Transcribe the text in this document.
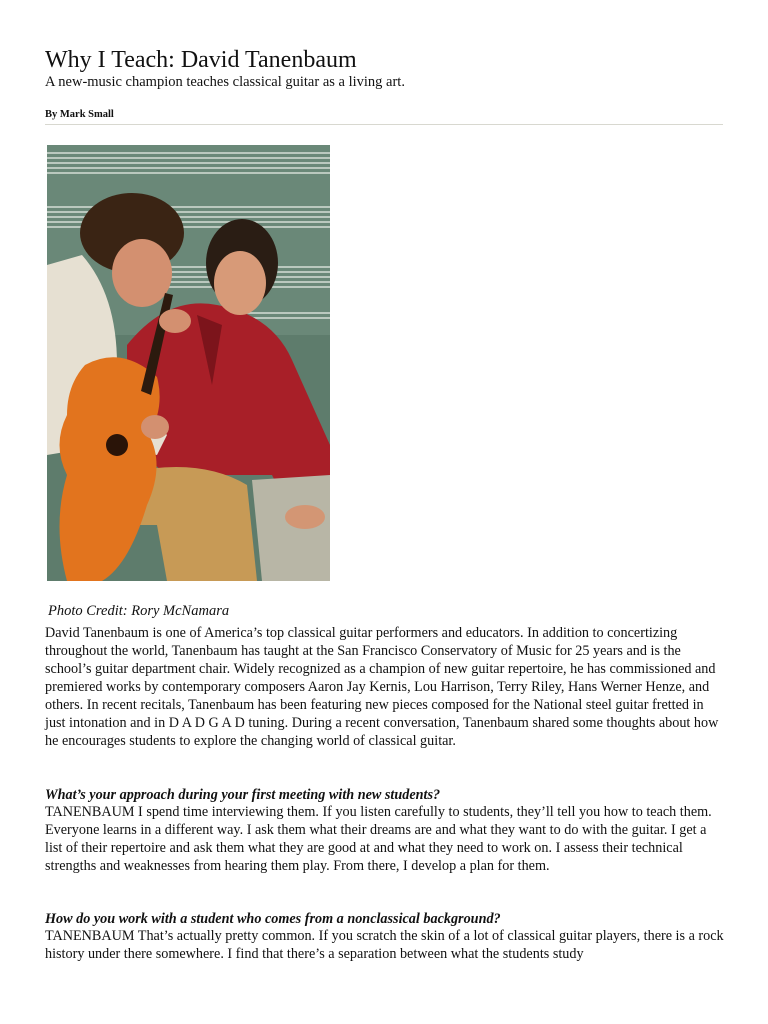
Why I Teach: David Tanenbaum

A new-music champion teaches classical guitar as a living art.

By Mark Small

Photo Credit: Rory McNamara

David Tanenbaum is one of America’s top classical guitar performers and educators. In addition to concertizing throughout the world, Tanenbaum has taught at the San Francisco Conservatory of Music for 25 years and is the school’s guitar department chair. Widely recognized as a champion of new guitar repertoire, he has commissioned and premiered works by contemporary composers Aaron Jay Kernis, Lou Harrison, Terry Riley, Hans Werner Henze, and others. In recent recitals, Tanenbaum has been featuring new pieces composed for the National steel guitar fretted in just intonation and in D A D G A D tuning. During a recent conversation, Tanenbaum shared some thoughts about how he encourages students to explore the changing world of classical guitar.

What’s your approach during your first meeting with new students?

TANENBAUM I spend time interviewing them. If you listen carefully to students, they’ll tell you how to teach them. Everyone learns in a different way. I ask them what their dreams are and what they want to do with the guitar. I get a list of their repertoire and ask them what they are good at and what they need to work on. I assess their technical strengths and weaknesses from hearing them play. From there, I develop a plan for them.

How do you work with a student who comes from a nonclassical background?

TANENBAUM That’s actually pretty common. If you scratch the skin of a lot of classical guitar players, there is a rock history under there somewhere. I find that there’s a separation between what the students study
